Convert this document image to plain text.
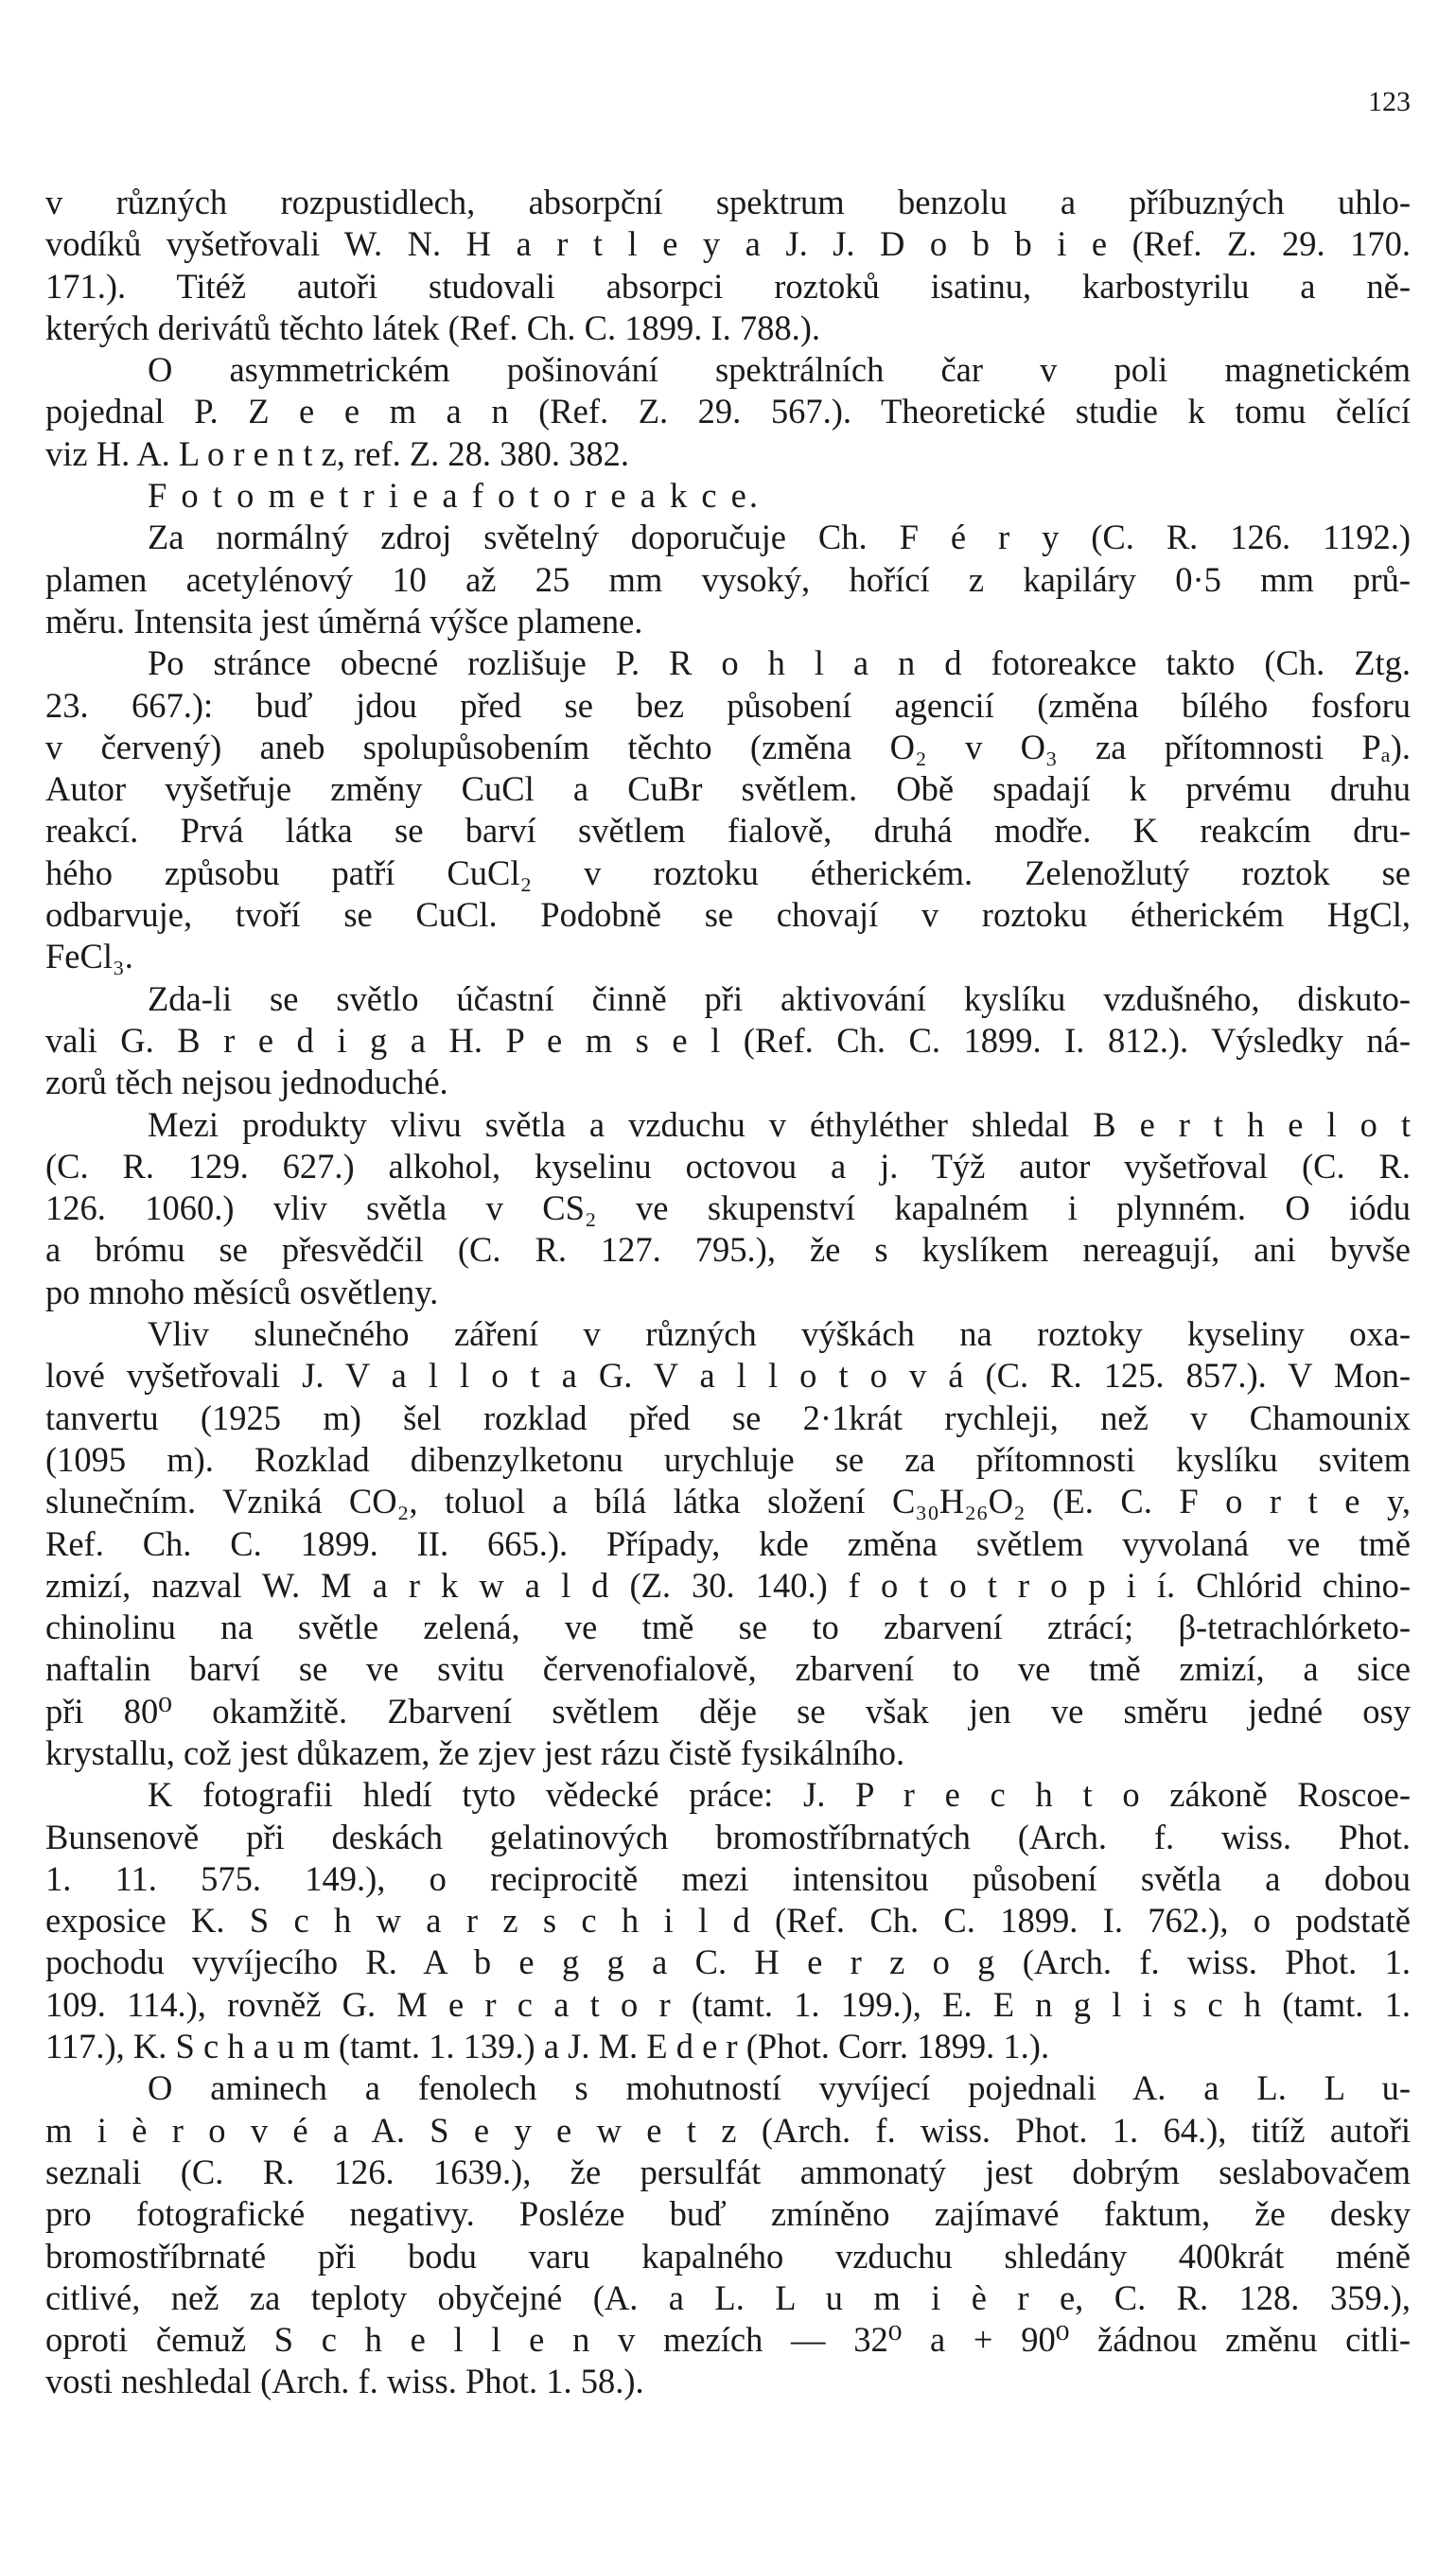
123
v různých rozpustidlech, absorpční spektrum benzolu a příbuzných uhlo-
vodíků vyšetřovali W. N. H a r t l e y a J. J. D o b b i e (Ref. Z. 29. 170.
171.). Titéž autoři studovali absorpci roztoků isatinu, karbostyrilu a ně-
kterých derivátů těchto látek (Ref. Ch. C. 1899. I. 788.).
O asymmetrickém pošinování spektrálních čar v poli magnetickém
pojednal P. Z e e m a n (Ref. Z. 29. 567.). Theoretické studie k tomu čelící
viz H. A. L o r e n t z, ref. Z. 28. 380. 382.
F o t o m e t r i e a f o t o r e a k c e.
Za normálný zdroj světelný doporučuje Ch. F é r y (C. R. 126. 1192.)
plamen acetylénový 10 až 25 mm vysoký, hořící z kapiláry 0·5 mm prů-
měru. Intensita jest úměrná výšce plamene.
Po stránce obecné rozlišuje P. R o h l a n d fotoreakce takto (Ch. Ztg.
23. 667.): buď jdou před se bez působení agencií (změna bílého fosforu
v červený) aneb spolupůsobením těchto (změna O₂ v O₃ za přítomnosti Pₐ).
Autor vyšetřuje změny CuCl a CuBr světlem. Obě spadají k prvému druhu
reakcí. Prvá látka se barví světlem fialově, druhá modře. K reakcím dru-
hého způsobu patří CuCl₂ v roztoku étherickém. Zelenožlutý roztok se
odbarvuje, tvoří se CuCl. Podobně se chovají v roztoku étherickém HgCl,
FeCl₃.
Zda-li se světlo účastní činně při aktivování kyslíku vzdušného, diskuto-
vali G. B r e d i g a H. P e m s e l (Ref. Ch. C. 1899. I. 812.). Výsledky ná-
zorů těch nejsou jednoduché.
Mezi produkty vlivu světla a vzduchu v éthyléther shledal B e r t h e l o t
(C. R. 129. 627.) alkohol, kyselinu octovou a j. Týž autor vyšetřoval (C. R.
126. 1060.) vliv světla v CS₂ ve skupenství kapalném i plynném. O iódu
a brómu se přesvědčil (C. R. 127. 795.), že s kyslíkem nereagují, ani byvše
po mnoho měsíců osvětleny.
Vliv slunečného záření v různých výškách na roztoky kyseliny oxa-
lové vyšetřovali J. V a l l o t a G. V a l l o t o v á (C. R. 125. 857.). V Mon-
tanvertu (1925 m) šel rozklad před se 2·1krát rychleji, než v Chamounix
(1095 m). Rozklad dibenzylketonu urychluje se za přítomnosti kyslíku svitem
slunečním. Vzniká CO₂, toluol a bílá látka složení C₃₀H₂₆O₂ (E. C. F o r t e y,
Ref. Ch. C. 1899. II. 665.). Případy, kde změna světlem vyvolaná ve tmě
zmizí, nazval W. M a r k w a l d (Z. 30. 140.) f o t o t r o p i í. Chlórid chino-
chinolinu na světle zelená, ve tmě se to zbarvení ztrácí; β-tetrachlórketo-
naftalin barví se ve svitu červenofialově, zbarvení to ve tmě zmizí, a sice
při 80⁰ okamžitě. Zbarvení světlem děje se však jen ve směru jedné osy
krystallu, což jest důkazem, že zjev jest rázu čistě fysikálního.
K fotografii hledí tyto vědecké práce: J. P r e c h t o zákoně Roscoe-
Bunsenově při deskách gelatinových bromostříbrnatých (Arch. f. wiss. Phot.
1. 11. 575. 149.), o reciprocitě mezi intensitou působení světla a dobou
exposice K. S c h w a r z s c h i l d (Ref. Ch. C. 1899. I. 762.), o podstatě
pochodu vyvíjecího R. A b e g g a C. H e r z o g (Arch. f. wiss. Phot. 1.
109. 114.), rovněž G. M e r c a t o r (tamt. 1. 199.), E. E n g l i s c h (tamt. 1.
117.), K. S c h a u m (tamt. 1. 139.) a J. M. E d e r (Phot. Corr. 1899. 1.).
O aminech a fenolech s mohutností vyvíjecí pojednali A. a L. L u-
m i è r o v é a A. S e y e w e t z (Arch. f. wiss. Phot. 1. 64.), titíž autoři
seznali (C. R. 126. 1639.), že persulfát ammonatý jest dobrým seslabovačem
pro fotografické negativy. Posléze buď zmíněno zajímavé faktum, že desky
bromostříbrnaté při bodu varu kapalného vzduchu shledány 400krát méně
citlivé, než za teploty obyčejné (A. a L. L u m i è r e, C. R. 128. 359.),
oproti čemuž S c h e l l e n v mezích — 32⁰ a + 90⁰ žádnou změnu citli-
vosti neshledal (Arch. f. wiss. Phot. 1. 58.).
